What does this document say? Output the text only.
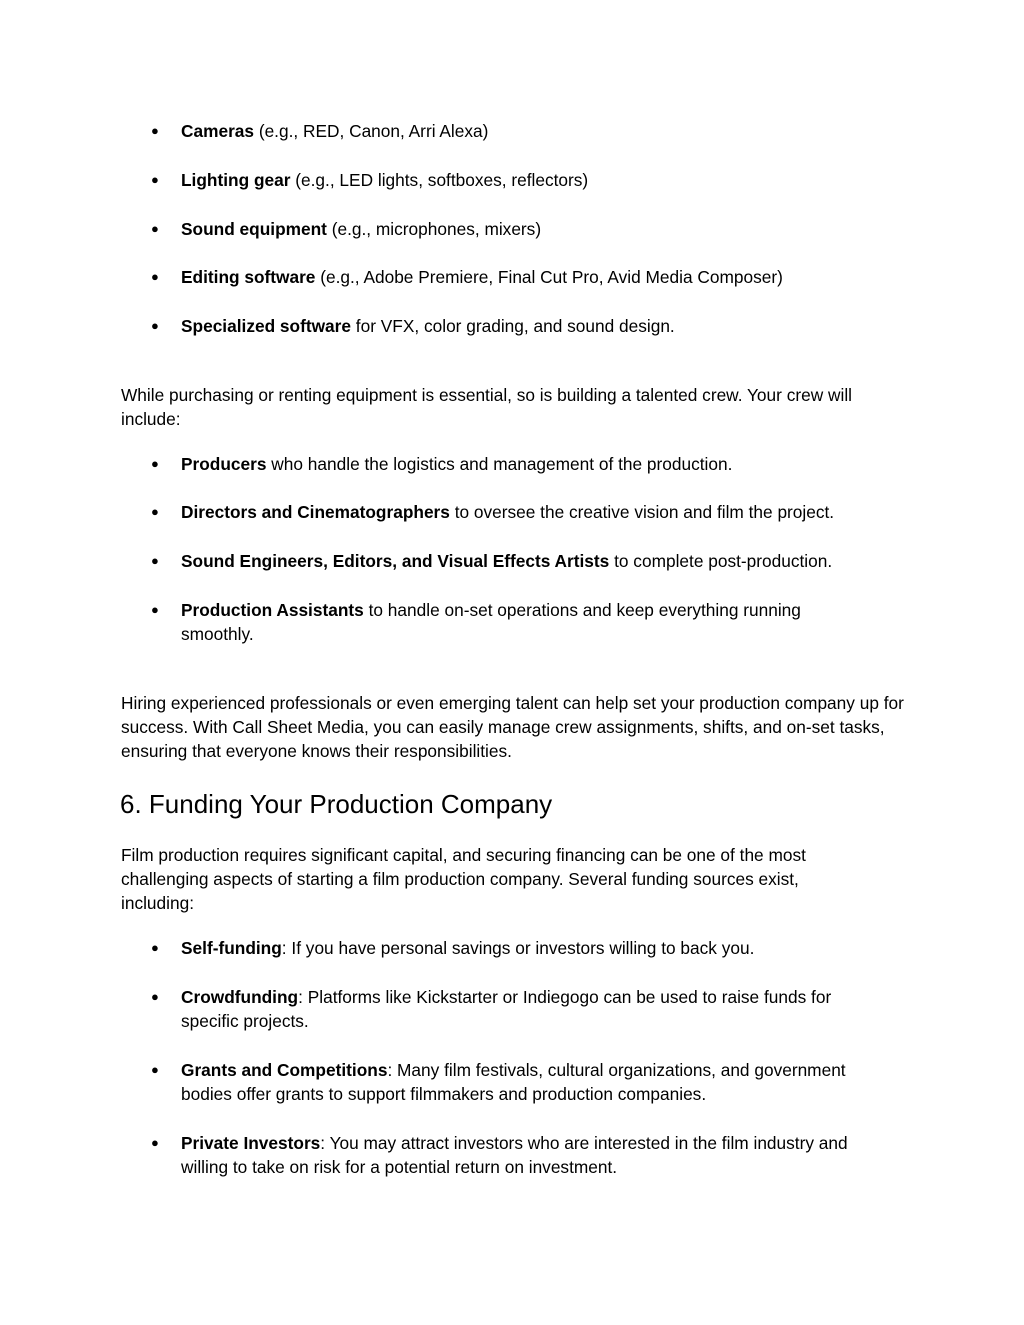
● Cameras (e.g., RED, Canon, Arri Alexa)
● Lighting gear (e.g., LED lights, softboxes, reflectors)
● Sound equipment (e.g., microphones, mixers)
● Editing software (e.g., Adobe Premiere, Final Cut Pro, Avid Media Composer)
● Specialized software for VFX, color grading, and sound design.

While purchasing or renting equipment is essential, so is building a talented crew. Your crew will include:

● Producers who handle the logistics and management of the production.
● Directors and Cinematographers to oversee the creative vision and film the project.
● Sound Engineers, Editors, and Visual Effects Artists to complete post-production.
● Production Assistants to handle on-set operations and keep everything running smoothly.

Hiring experienced professionals or even emerging talent can help set your production company up for success. With Call Sheet Media, you can easily manage crew assignments, shifts, and on-set tasks, ensuring that everyone knows their responsibilities.

6. Funding Your Production Company

Film production requires significant capital, and securing financing can be one of the most challenging aspects of starting a film production company. Several funding sources exist, including:

● Self-funding: If you have personal savings or investors willing to back you.
● Crowdfunding: Platforms like Kickstarter or Indiegogo can be used to raise funds for specific projects.
● Grants and Competitions: Many film festivals, cultural organizations, and government bodies offer grants to support filmmakers and production companies.
● Private Investors: You may attract investors who are interested in the film industry and willing to take on risk for a potential return on investment.
